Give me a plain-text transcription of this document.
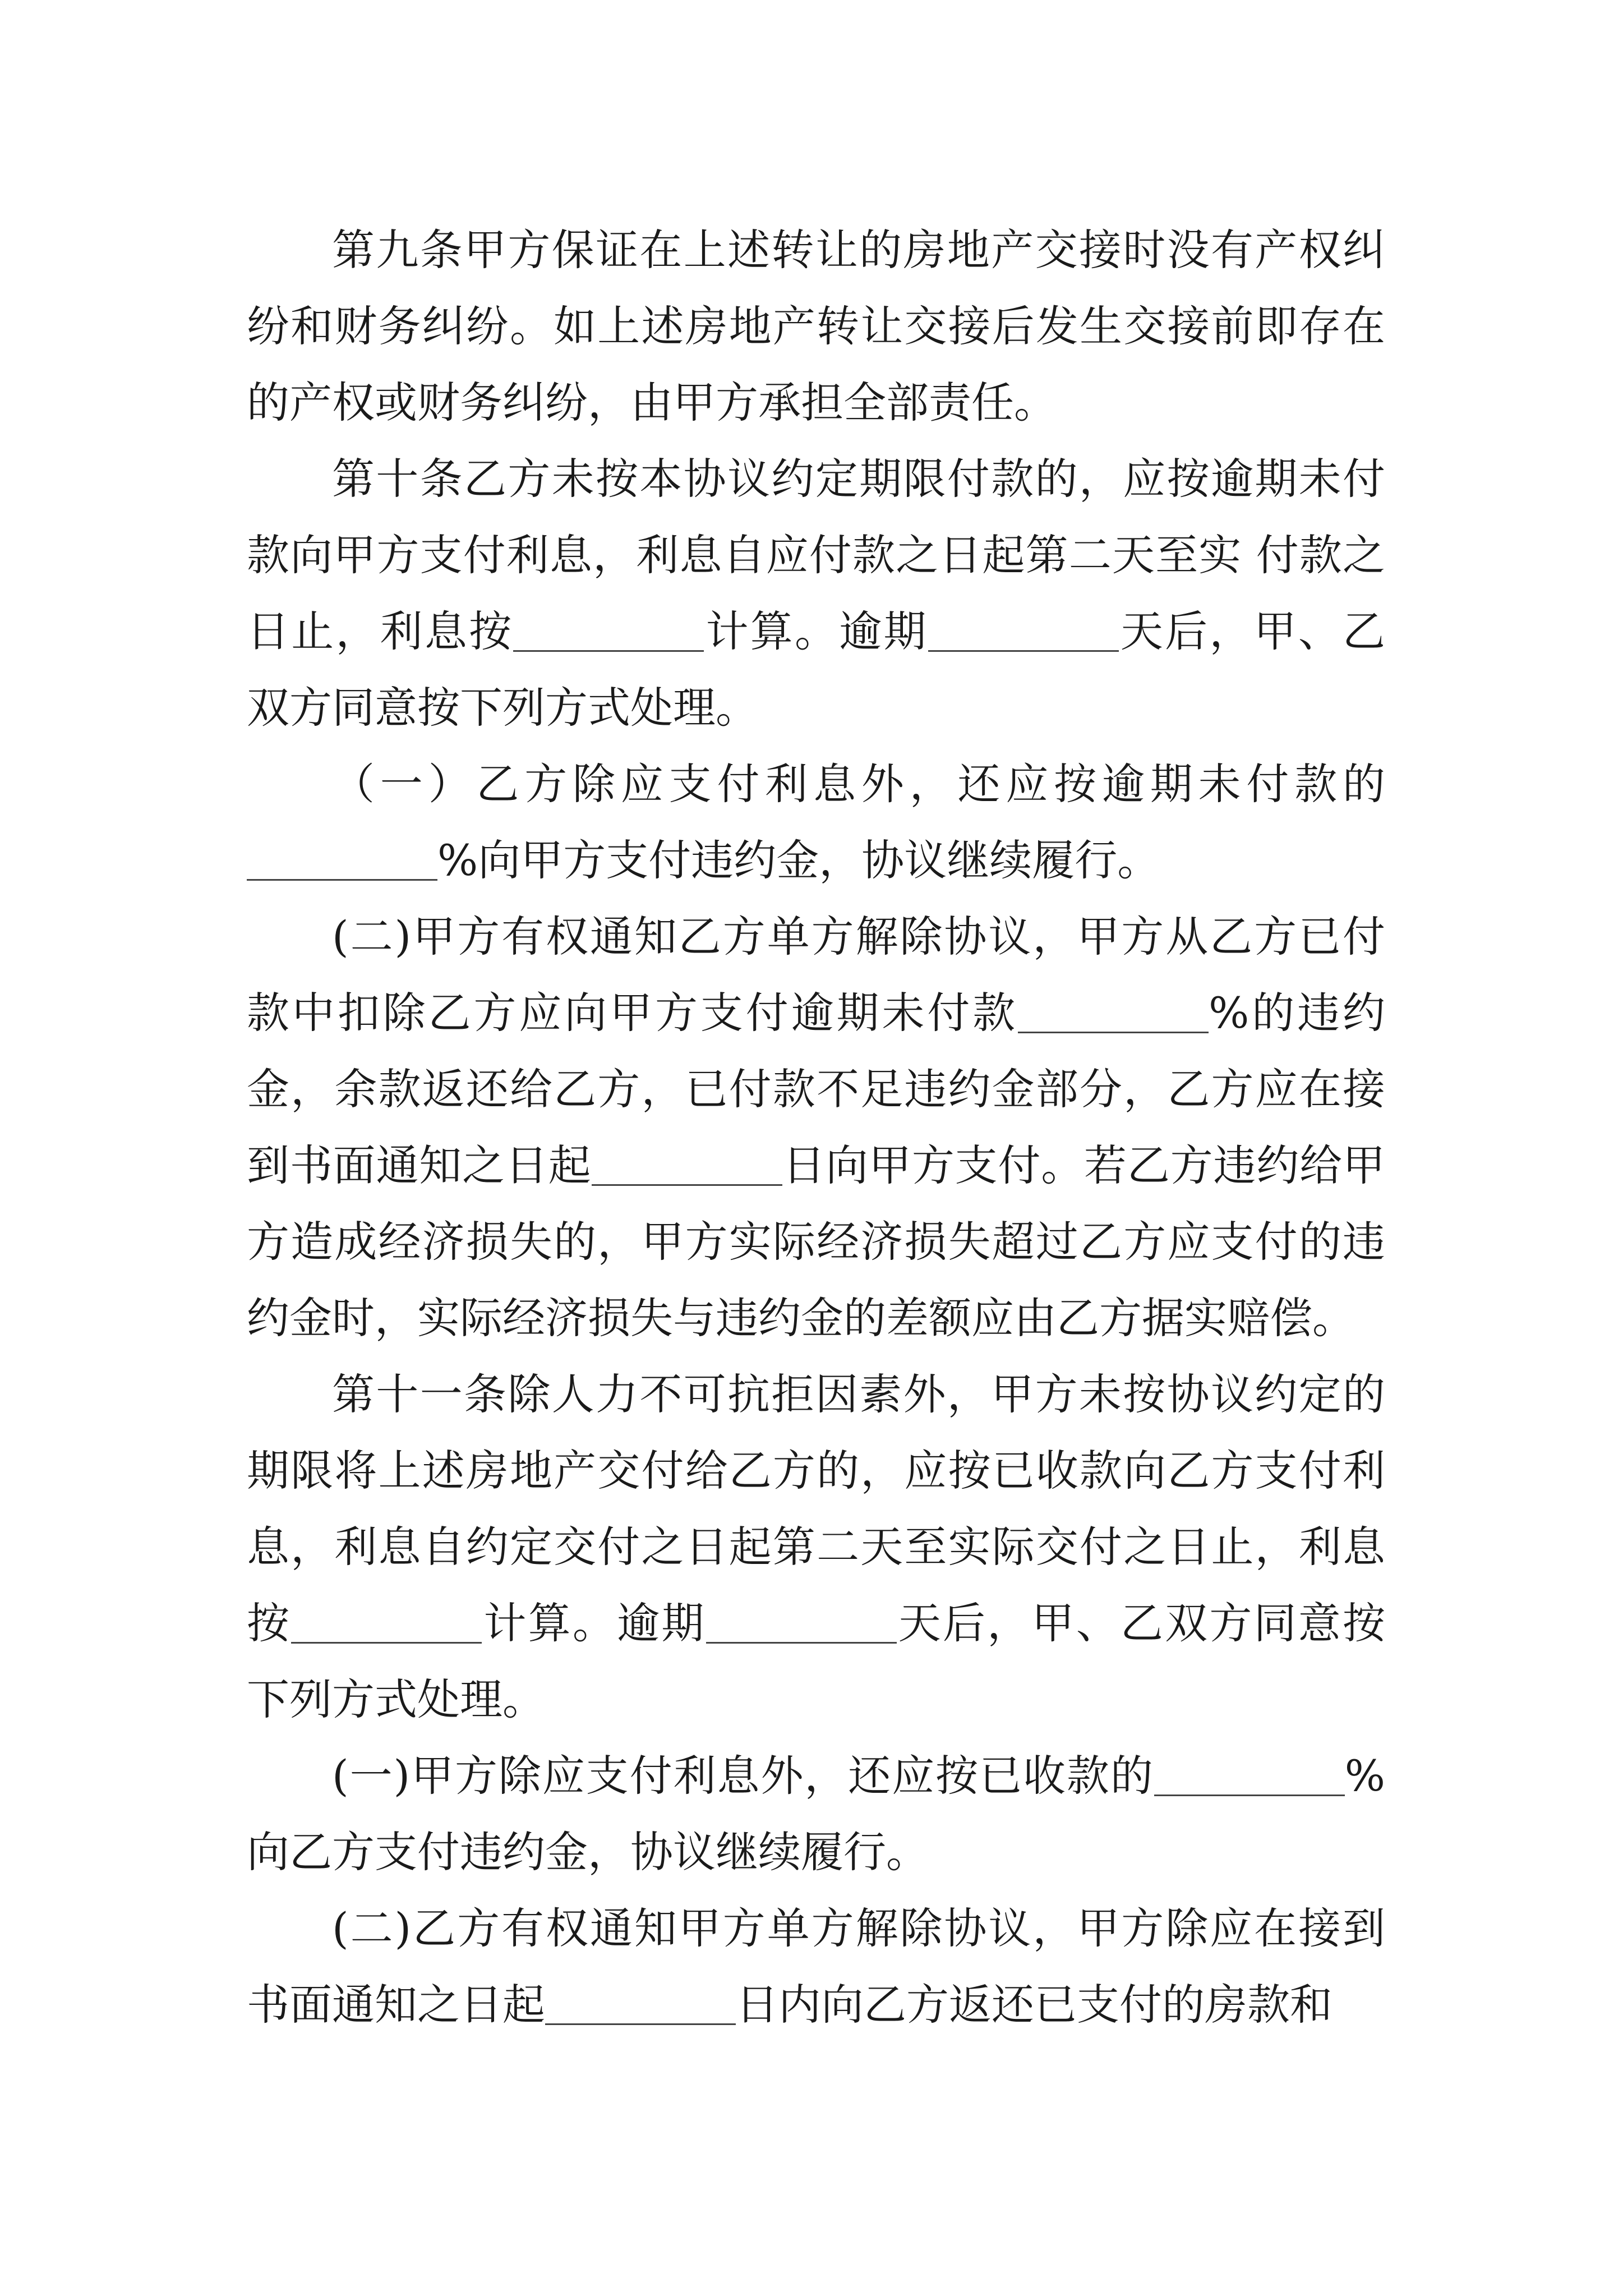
第九条甲方保证在上述转让的房地产交接时没有产权纠纷和财务纠纷。如上述房地产转让交接后发生交接前即存在的产权或财务纠纷，由甲方承担全部责任。

第十条乙方未按本协议约定期限付款的，应按逾期未付款向甲方支付利息，利息自应付款之日起第二天至实 付款之日止，利息按	计算。逾期	天后，甲、乙双方同意按下列方式处理。

（一）乙方除应支付利息外，还应按逾期未付款的%向甲方支付违约金，协议继续履行。

(二)甲方有权通知乙方单方解除协议，甲方从乙方已付款中扣除乙方应向甲方支付逾期未付款	%的违约金，余款返还给乙方，已付款不足违约金部分，乙方应在接到书面通知之日起	日向甲方支付。若乙方违约给甲方造成经济损失的，甲方实际经济损失超过乙方应支付的违约金时，实际经济损失与违约金的差额应由乙方据实赔偿。

第十一条除人力不可抗拒因素外，甲方未按协议约定的期限将上述房地产交付给乙方的，应按已收款向乙方支付利息，利息自约定交付之日起第二天至实际交付之日止，利息按	计算。逾期	天后，甲、乙双方同意按下列方式处理。

(一)甲方除应支付利息外，还应按已收款的	%向乙方支付违约金，协议继续履行。

(二)乙方有权通知甲方单方解除协议，甲方除应在接到书面通知之日起	日内向乙方返还已支付的房款和
